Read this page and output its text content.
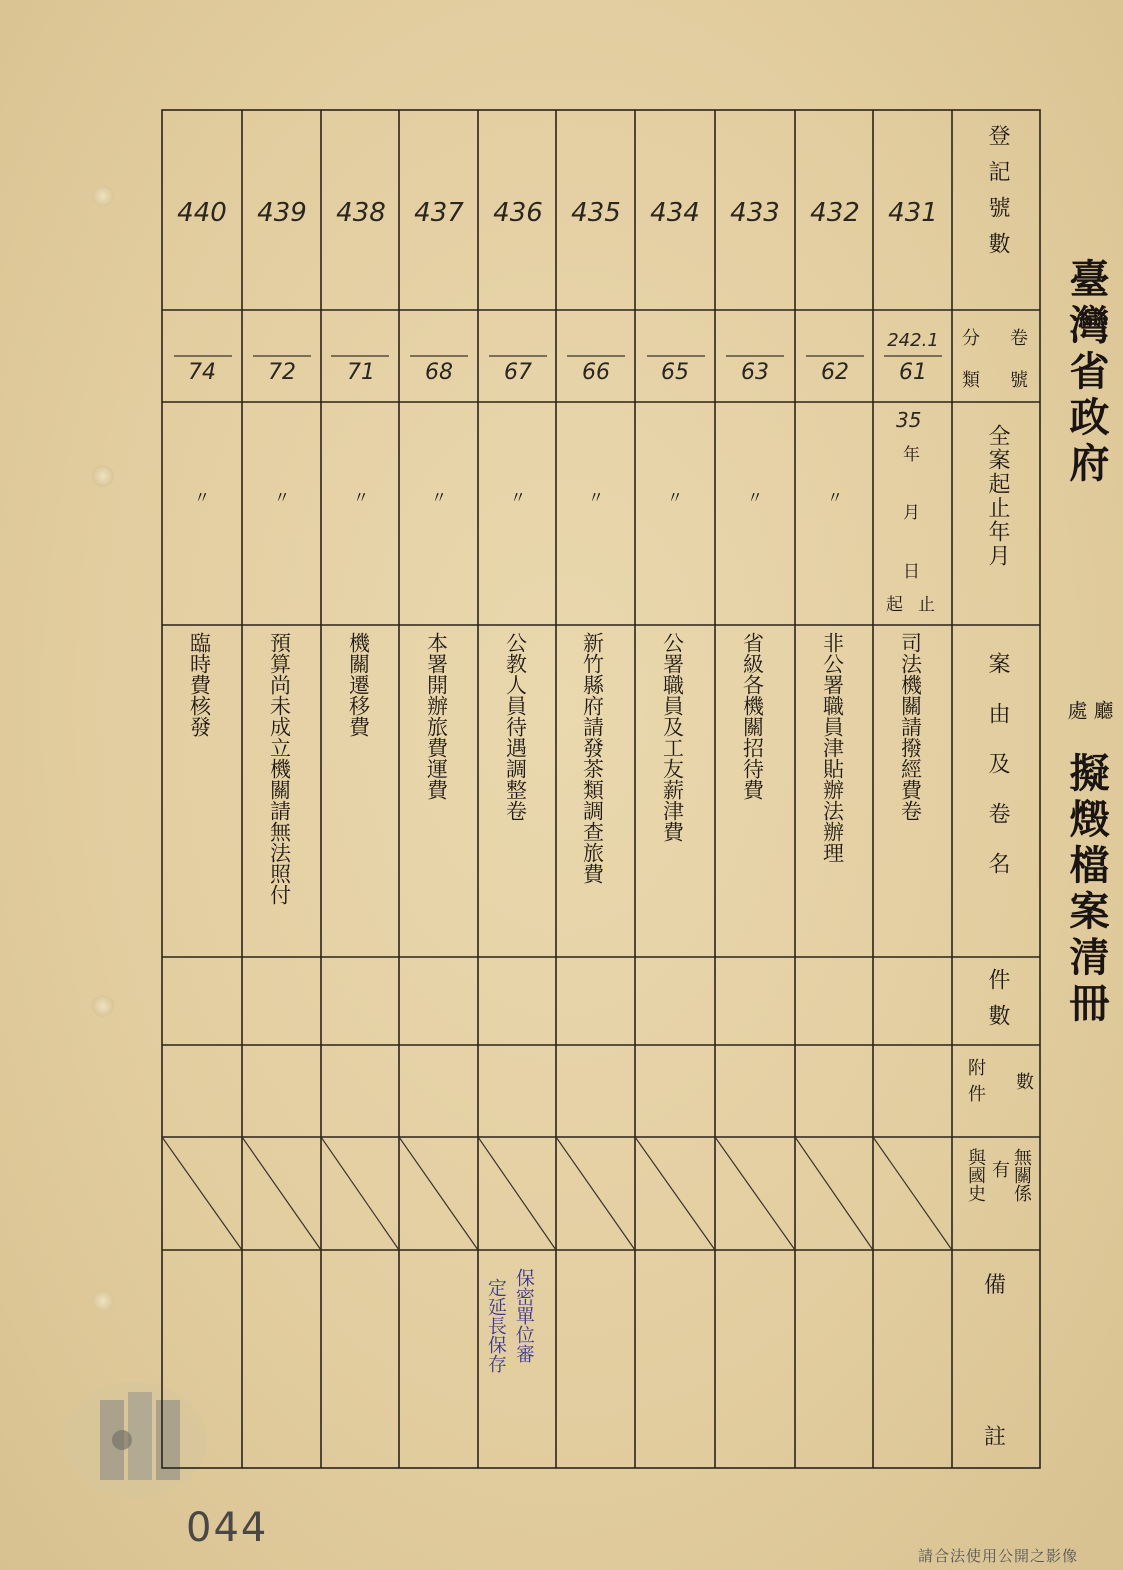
臺灣省政府
處 廳
擬燬檔案清冊
登記號數
分 卷
類 號
全案起止年月
案由及卷名
件數
附件 數
無關係
有
與國史
備
註
431
432
433
434
435
436
437
438
439
440
242.1
61
62
63
65
66
67
68
71
72
74
35
年
月
日
起 止
〃
〃
〃
〃
〃
〃
〃
〃
〃
司法機關請撥經費卷
非公署職員津貼辦法辦理
省級各機關招待費
公署職員及工友薪津費
新竹縣府請發茶類調查旅費
公教人員待遇調整卷
本署開辦旅費運費
機關遷移費
預算尚未成立機關請無法照付
臨時費核發
保密單位審
定延長保存
044
請合法使用公開之影像
